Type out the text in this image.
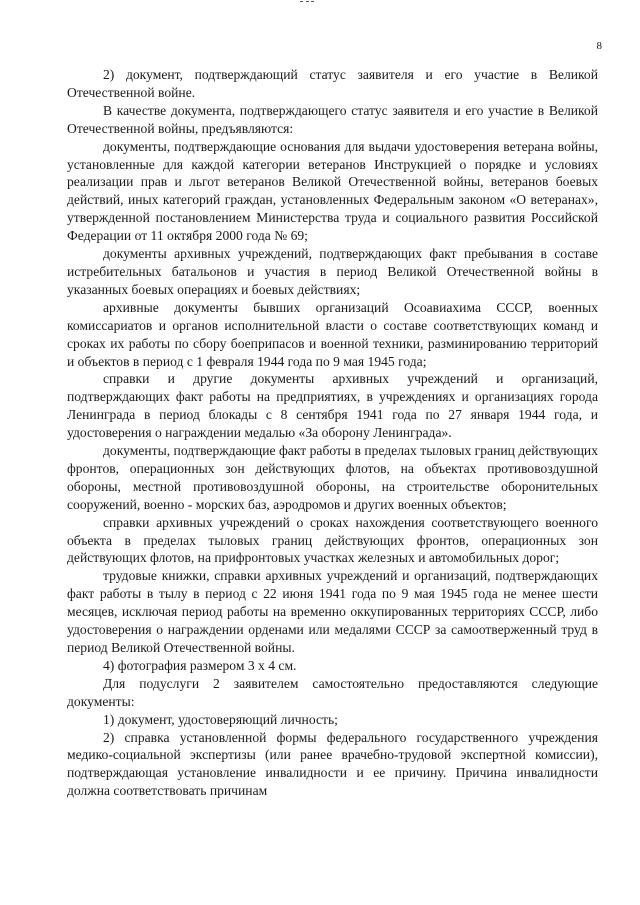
8

2) документ, подтверждающий статус заявителя и его участие в Великой Отечественной войне.

В качестве документа, подтверждающего статус заявителя и его участие в Великой Отечественной войны, предъявляются:

документы, подтверждающие основания для выдачи удостоверения ветерана войны, установленные для каждой категории ветеранов Инструкцией о порядке и условиях реализации прав и льгот ветеранов Великой Отечественной войны, ветеранов боевых действий, иных категорий граждан, установленных Федеральным законом «О ветеранах», утвержденной постановлением Министерства труда и социального развития Российской Федерации от 11 октября 2000 года № 69;

документы архивных учреждений, подтверждающих факт пребывания в составе истребительных батальонов и участия в период Великой Отечественной войны в указанных боевых операциях и боевых действиях;

архивные документы бывших организаций Осоавиахима СССР, военных комиссариатов и органов исполнительной власти о составе соответствующих команд и сроках их работы по сбору боеприпасов и военной техники, разминированию территорий и объектов в период с 1 февраля 1944 года по 9 мая 1945 года;

справки и другие документы архивных учреждений и организаций, подтверждающих факт работы на предприятиях, в учреждениях и организациях города Ленинграда в период блокады с 8 сентября 1941 года по 27 января 1944 года, и удостоверения о награждении медалью «За оборону Ленинграда».

документы, подтверждающие факт работы в пределах тыловых границ действующих фронтов, операционных зон действующих флотов, на объектах противовоздушной обороны, местной противовоздушной обороны, на строительстве оборонительных сооружений, военно - морских баз, аэродромов и других военных объектов;

справки архивных учреждений о сроках нахождения соответствующего военного объекта в пределах тыловых границ действующих фронтов, операционных зон действующих флотов, на прифронтовых участках железных и автомобильных дорог;

трудовые книжки, справки архивных учреждений и организаций, подтверждающих факт работы в тылу в период с 22 июня 1941 года по 9 мая 1945 года не менее шести месяцев, исключая период работы на временно оккупированных территориях СССР, либо удостоверения о награждении орденами или медалями СССР за самоотверженный труд в период Великой Отечественной войны.

4) фотография размером 3 х 4 см.

Для подуслуги 2 заявителем самостоятельно предоставляются следующие документы:

1) документ, удостоверяющий личность;

2) справка установленной формы федерального государственного учреждения медико-социальной экспертизы (или ранее врачебно-трудовой экспертной комиссии), подтверждающая установление инвалидности и ее причину. Причина инвалидности должна соответствовать причинам
